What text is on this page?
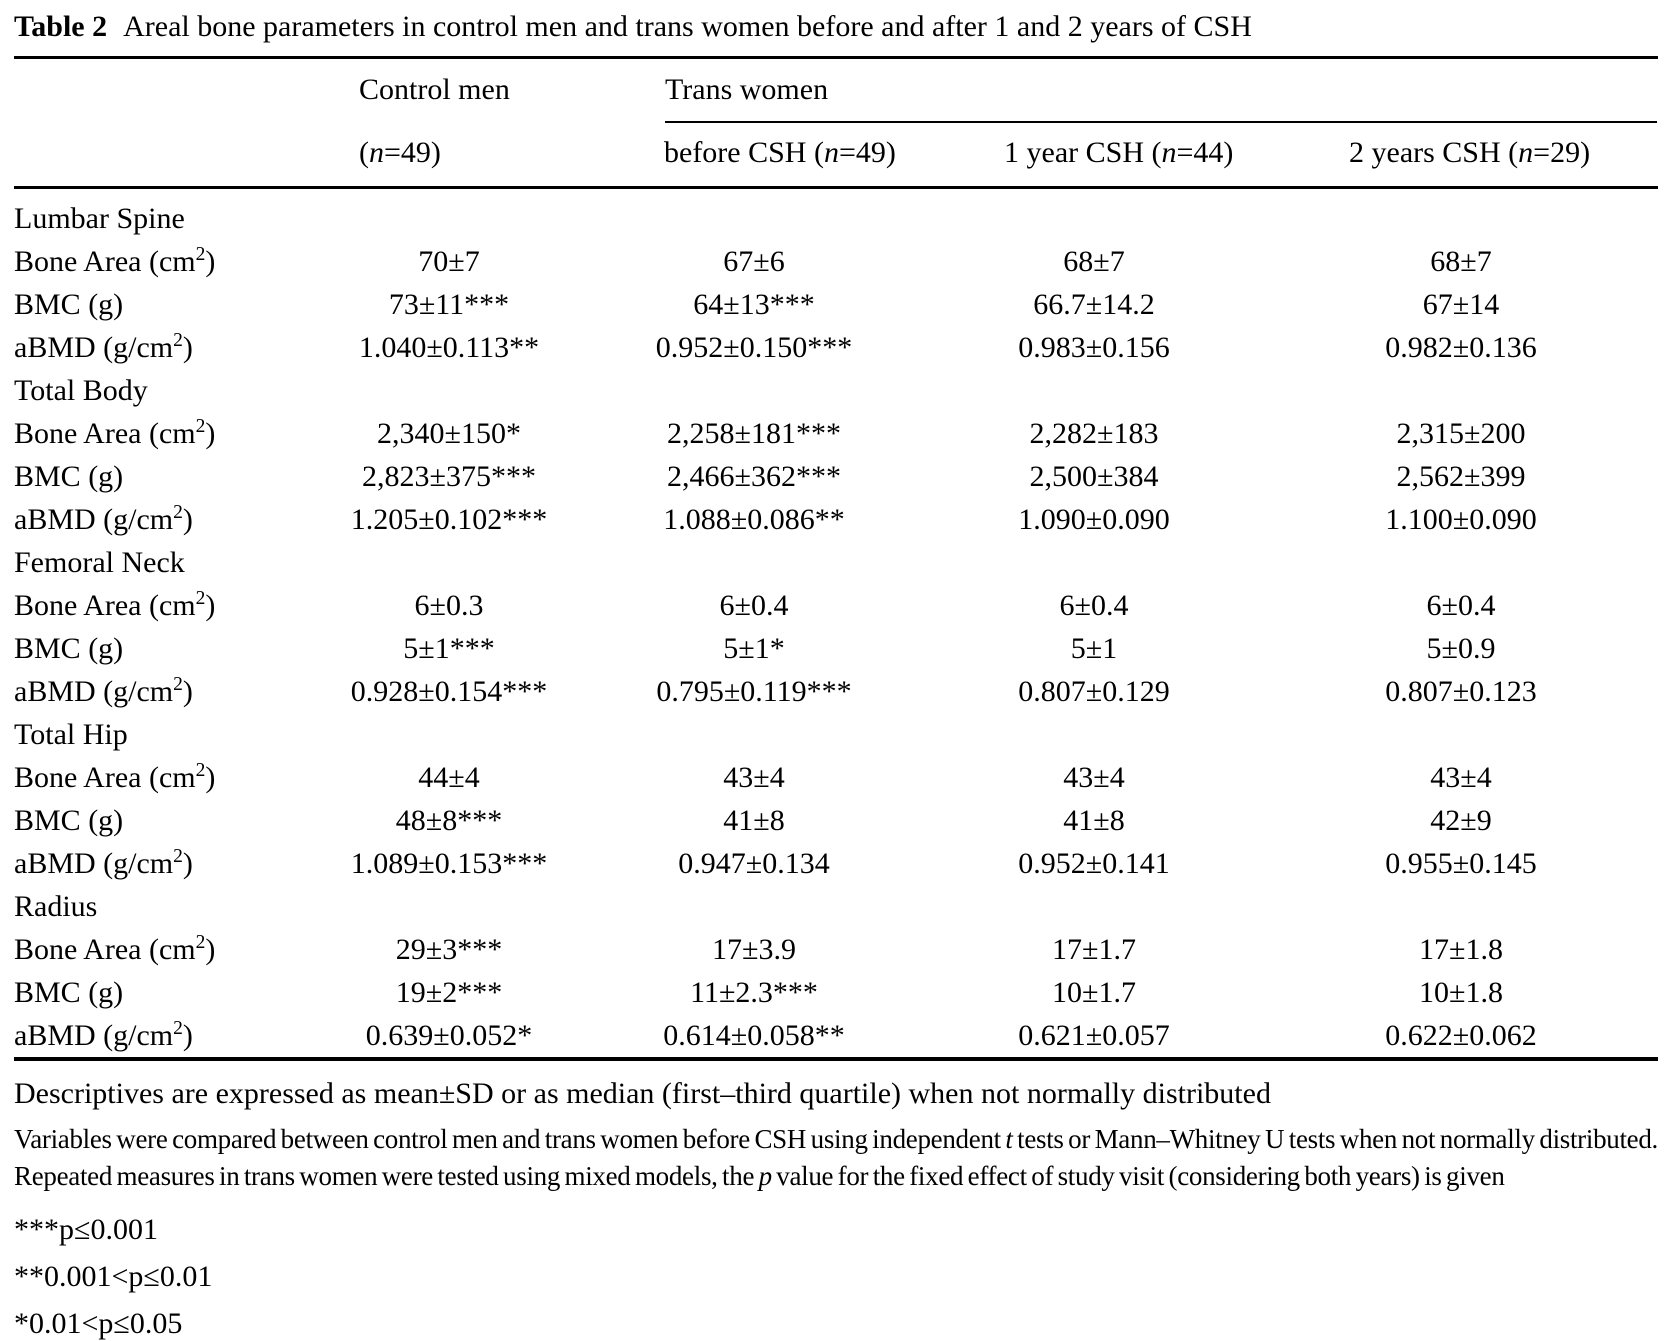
Table 2 Areal bone parameters in control men and trans women before and after 1 and 2 years of CSH
	Control men	Trans women		

	(n=49)	before CSH (n=49)	1 year CSH (n=44)	2 years CSH (n=29)
Lumbar Spine				
Bone Area $(cm^2)$	70±7	67±6	68±7	68±7
BMC (g)	73±11***	64±13***	66.7±14.2	67±14
aBMD $(g/cm^2)$	1.040±0.113**	0.952±0.150***	0.983±0.156	0.982±0.136
Total Body				
Bone Area $(cm^2)$	2,340±150*	2,258±181***	2,282±183	2,315±200
BMC (g)	2,823±375***	2,466±362***	2,500±384	2,562±399
aBMD $(g/cm^2)$	1.205±0.102***	1.088±0.086**	1.090±0.090	1.100±0.090
Femoral Neck				
Bone Area $(cm^2)$	6±0.3	6±0.4	6±0.4	6±0.4
BMC (g)	5±1***	5±1*	5±1	5±0.9
aBMD $(g/cm^2)$	0.928±0.154***	0.795±0.119***	0.807±0.129	0.807±0.123
Total Hip				
Bone Area $(cm^2)$	44±4	43±4	43±4	43±4
BMC (g)	48±8***	41±8	41±8	42±9
aBMD $(g/cm^2)$	1.089±0.153***	0.947±0.134	0.952±0.141	0.955±0.145
Radius				
Bone Area $(cm^2)$	29±3***	17±3.9	17±1.7	17±1.8
BMC (g)	19±2***	11±2.3***	10±1.7	10±1.8
aBMD $(g/cm^2)$	0.639±0.052*	0.614±0.058**	0.621±0.057	0.622±0.062
Descriptives are expressed as mean±SD or as median (first–third quartile) when not normally distributed
Variables were compared between control men and trans women before CSH using independent t tests or Mann–Whitney U tests when not normally distributed. Repeated measures in trans women were tested using mixed models, the p value for the fixed effect of study visit (considering both years) is given
***p≤0.001
**0.001<p≤0.01
*0.01<p≤0.05
